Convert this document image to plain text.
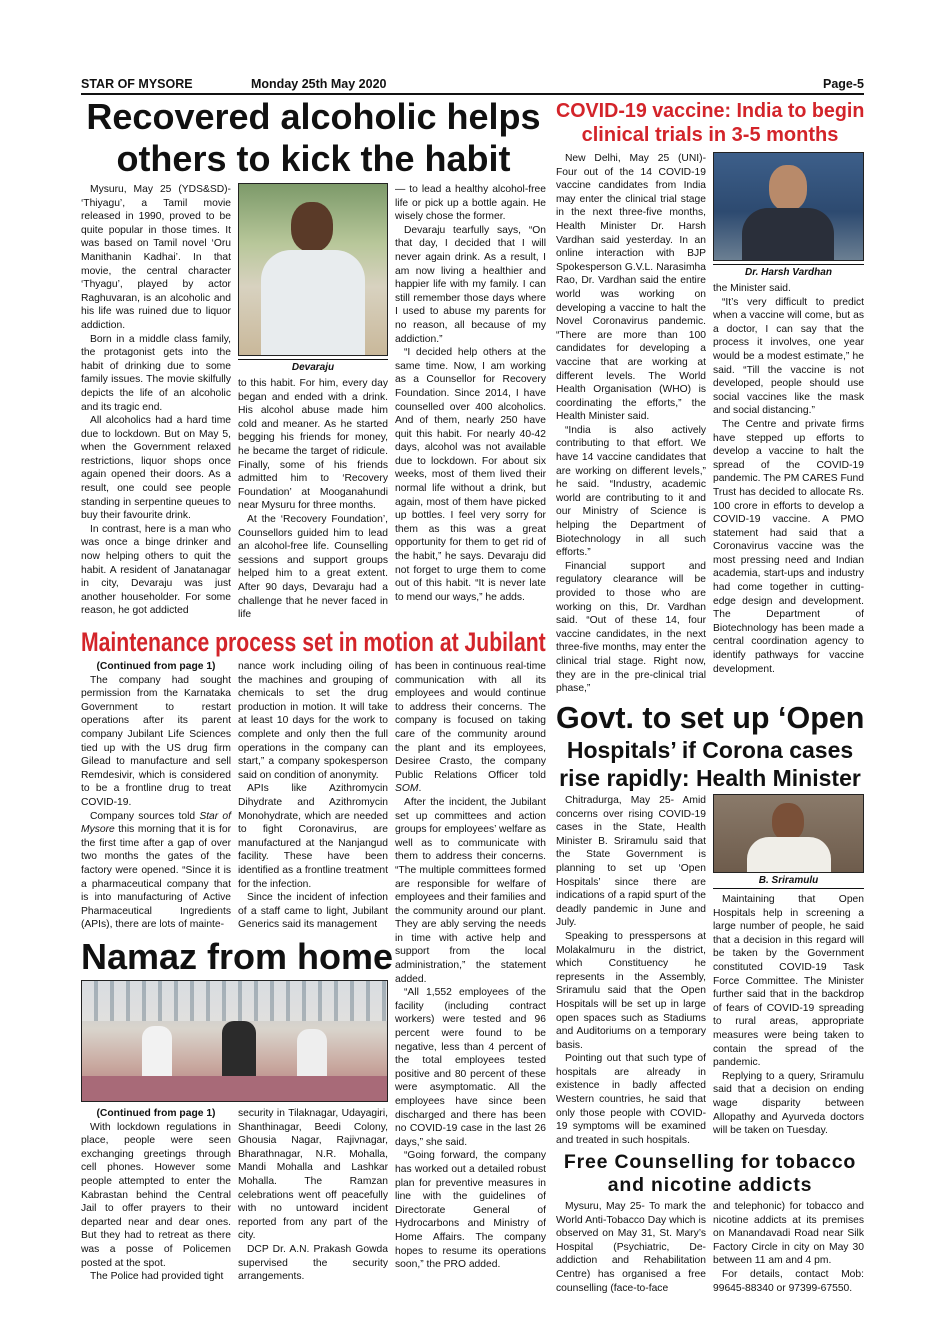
STAR OF MYSORE	Monday 25th May 2020	Page-5
Recovered alcoholic helps
others to kick the habit

Mysuru, May 25 (YDS&SD)- ‘Thiyagu’, a Tamil movie released in 1990, proved to be quite popular in those times. It was based on Tamil novel ‘Oru Manithanin Kadhai’. In that movie, the central character ‘Thyagu’, played by actor Raghuvaran, is an alcoholic and his life was ruined due to liquor addiction.

Born in a middle class family, the protagonist gets into the habit of drinking due to some family issues. The movie skilfully depicts the life of an alcoholic and its tragic end.

All alcoholics had a hard time due to lockdown. But on May 5, when the Government relaxed restrictions, liquor shops once again opened their doors. As a result, one could see people standing in serpentine queues to buy their favourite drink.

In contrast, here is a man who was once a binge drinker and now helping others to quit the habit. A resident of Janatanagar in city, Devaraju was just another householder. For some reason, he got addicted

Devaraju

to this habit. For him, every day began and ended with a drink. His alcohol abuse made him cold and meaner. As he started begging his friends for money, he became the target of ridicule. Finally, some of his friends admitted him to ‘Recovery Foundation’ at Mooganahundi near Mysuru for three months.

At the ‘Recovery Foundation’, Counsellors guided him to lead an alcohol-free life. Counselling sessions and support groups helped him to a great extent. After 90 days, Devaraju had a challenge that he never faced in life

— to lead a healthy alcohol-free life or pick up a bottle again. He wisely chose the former.

Devaraju tearfully says, “On that day, I decided that I will never again drink. As a result, I am now living a healthier and happier life with my family. I can still remember those days where I used to abuse my parents for no reason, all because of my addiction.”

“I decided help others at the same time. Now, I am working as a Counsellor for Recovery Foundation. Since 2014, I have counselled over 400 alcoholics. And of them, nearly 250 have quit this habit. For nearly 40-42 days, alcohol was not available due to lockdown. For about six weeks, most of them lived their normal life without a drink, but again, most of them have picked up bottles. I feel very sorry for them as this was a great opportunity for them to get rid of the habit,” he says. Devaraju did not forget to urge them to come out of this habit. “It is never late to mend our ways,” he adds.

COVID-19 vaccine: India to begin
clinical trials in 3-5 months

New Delhi, May 25 (UNI)- Four out of the 14 COVID-19 vaccine candidates from India may enter the clinical trial stage in the next three-five months, Health Minister Dr. Harsh Vardhan said yesterday. In an online interaction with BJP Spokesperson G.V.L. Narasimha Rao, Dr. Vardhan said the entire world was working on developing a vaccine to halt the Novel Coronavirus pandemic. “There are more than 100 candidates for developing a vaccine that are working at different levels. The World Health Organisation (WHO) is coordinating the efforts,” the Health Minister said.

“India is also actively contributing to that effort. We have 14 vaccine candidates that are working on different levels,” he said. “Industry, academic world are contributing to it and our Ministry of Science is helping the Department of Biotechnology in all such efforts.”

Financial support and regulatory clearance will be provided to those who are working on this, Dr. Vardhan said. “Out of these 14, four vaccine candidates, in the next three-five months, may enter the clinical trial stage. Right now, they are in the pre-clinical trial phase,”

Dr. Harsh Vardhan

the Minister said.

“It’s very difficult to predict when a vaccine will come, but as a doctor, I can say that the process it involves, one year would be a modest estimate,” he said. “Till the vaccine is not developed, people should use social vaccines like the mask and social distancing.”

The Centre and private firms have stepped up efforts to develop a vaccine to halt the spread of the COVID-19 pandemic. The PM CARES Fund Trust has decided to allocate Rs. 100 crore in efforts to develop a COVID-19 vaccine. A PMO statement had said that a Coronavirus vaccine was the most pressing need and Indian academia, start-ups and industry had come together in cutting-edge design and development. The Department of Biotechnology has been made a central coordination agency to identify pathways for vaccine development.

Maintenance process set in motion at Jubilant

(Continued from page 1)

The company had sought permission from the Karnataka Government to restart operations after its parent company Jubilant Life Sciences tied up with the US drug firm Gilead to manufacture and sell Remdesivir, which is considered to be a frontline drug to treat COVID-19.

Company sources told Star of Mysore this morning that it is for the first time after a gap of over two months the gates of the factory were opened. “Since it is a pharmaceutical company that is into manufacturing of Active Pharmaceutical Ingredients (APIs), there are lots of mainte-

nance work including oiling of the machines and grouping of chemicals to set the drug production in motion. It will take at least 10 days for the work to complete and only then the full operations in the company can start,” a company spokesperson said on condition of anonymity.

APIs like Azithromycin Dihydrate and Azithromycin Monohydrate, which are needed to fight Coronavirus, are manufactured at the Nanjangud facility. These have been identified as a frontline treatment for the infection.

Since the incident of infection of a staff came to light, Jubilant Generics said its management

has been in continuous real-time communication with all its employees and would continue to address their concerns. The company is focused on taking care of the community around the plant and its employees, Desiree Crasto, the company Public Relations Officer told SOM.

After the incident, the Jubilant set up committees and action groups for employees’ welfare as well as to communicate with them to address their concerns. “The multiple committees formed are responsible for welfare of employees and their families and the community around our plant. They are ably serving the needs in time with active help and support from the local administration,” the statement added.

“All 1,552 employees of the facility (including contract workers) were tested and 96 percent were found to be negative, less than 4 percent of the total employees tested positive and 80 percent of these were asymptomatic. All the employees have since been discharged and there has been no COVID-19 case in the last 26 days,” she said.

“Going forward, the company has worked out a detailed robust plan for preventive measures in line with the guidelines of Directorate General of Hydrocarbons and Ministry of Home Affairs. The company hopes to resume its operations soon,” the PRO added.

Namaz from home

(Continued from page 1)

With lockdown regulations in place, people were seen exchanging greetings through cell phones. However some people attempted to enter the Kabrastan behind the Central Jail to offer prayers to their departed near and dear ones. But they had to retreat as there was a posse of Policemen posted at the spot.

The Police had provided tight

security in Tilaknagar, Udayagiri, Shanthinagar, Beedi Colony, Ghousia Nagar, Rajivnagar, Bharathnagar, N.R. Mohalla, Mandi Mohalla and Lashkar Mohalla. The Ramzan celebrations went off peacefully with no untoward incident reported from any part of the city.

DCP Dr. A.N. Prakash Gowda supervised the security arrangements.

Govt. to set up ‘Open
Hospitals’ if Corona cases
rise rapidly: Health Minister

Chitradurga, May 25- Amid concerns over rising COVID-19 cases in the State, Health Minister B. Sriramulu said that the State Government is planning to set up ‘Open Hospitals’ since there are indications of a rapid spurt of the deadly pandemic in June and July.

Speaking to presspersons at Molakalmuru in the district, which Constituency he represents in the Assembly, Sriramulu said that the Open Hospitals will be set up in large open spaces such as Stadiums and Auditoriums on a temporary basis.

Pointing out that such type of hospitals are already in existence in badly affected Western countries, he said that only those people with COVID-19 symptoms will be examined and treated in such hospitals.

B. Sriramulu

Maintaining that Open Hospitals help in screening a large number of people, he said that a decision in this regard will be taken by the Government constituted COVID-19 Task Force Committee. The Minister further said that in the backdrop of fears of COVID-19 spreading to rural areas, appropriate measures were being taken to contain the spread of the pandemic.

Replying to a query, Sriramulu said that a decision on ending wage disparity between Allopathy and Ayurveda doctors will be taken on Tuesday.

Free Counselling for tobacco
and nicotine addicts

Mysuru, May 25- To mark the World Anti-Tobacco Day which is observed on May 31, St. Mary’s Hospital (Psychiatric, De-addiction and Rehabilitation Centre) has organised a free counselling (face-to-face

and telephonic) for tobacco and nicotine addicts at its premises on Manandavadi Road near Silk Factory Circle in city on May 30 between 11 am and 4 pm.

For details, contact Mob: 99645-88340 or 97399-67550.
